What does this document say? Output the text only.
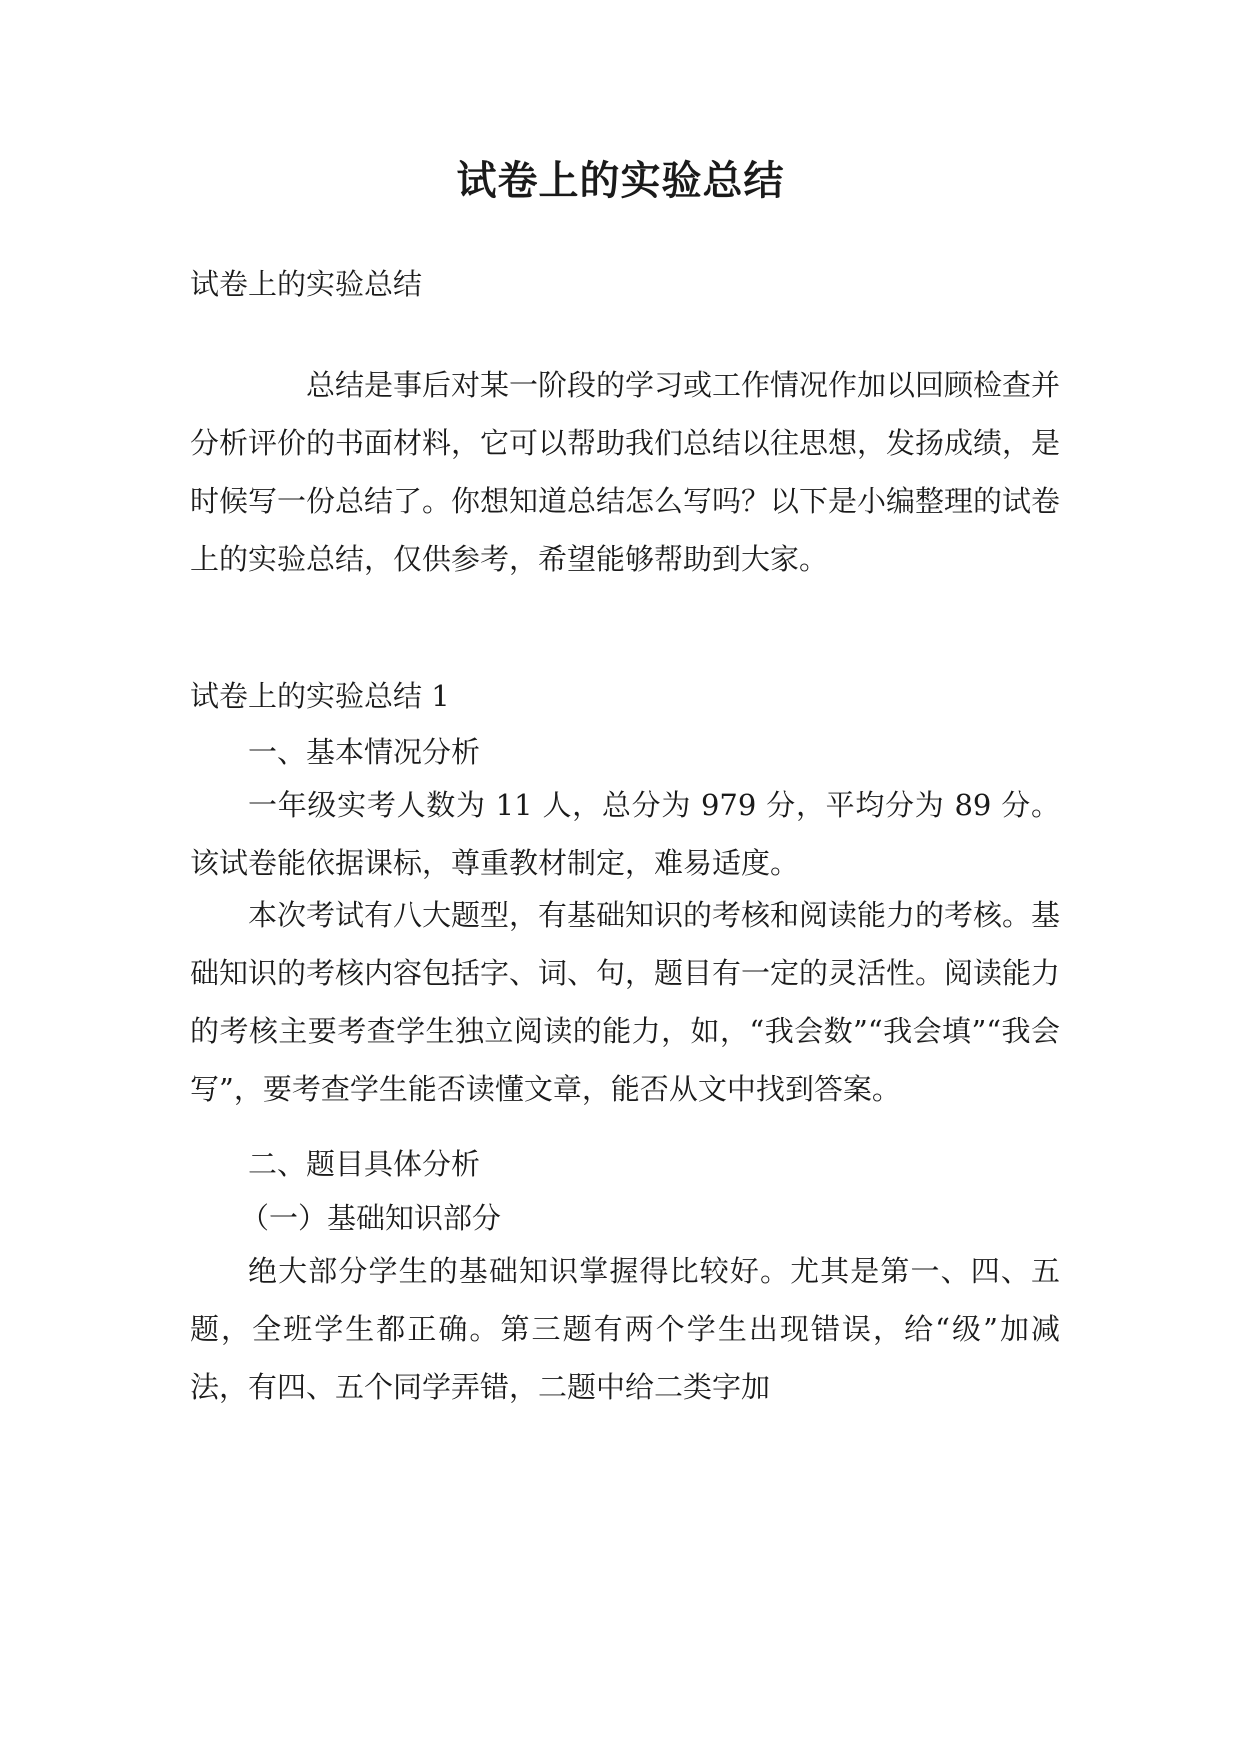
试卷上的实验总结

试卷上的实验总结

总结是事后对某一阶段的学习或工作情况作加以回顾检查并分析评价的书面材料，它可以帮助我们总结以往思想，发扬成绩，是时候写一份总结了。你想知道总结怎么写吗？以下是小编整理的试卷上的实验总结，仅供参考，希望能够帮助到大家。

试卷上的实验总结 1

一、基本情况分析

一年级实考人数为 11 人，总分为 979 分，平均分为 89 分。该试卷能依据课标，尊重教材制定，难易适度。

本次考试有八大题型，有基础知识的考核和阅读能力的考核。基础知识的考核内容包括字、词、句，题目有一定的灵活性。阅读能力的考核主要考查学生独立阅读的能力，如，“我会数”“我会填”“我会写”，要考查学生能否读懂文章，能否从文中找到答案。

二、题目具体分析

（一）基础知识部分

绝大部分学生的基础知识掌握得比较好。尤其是第一、四、五题，全班学生都正确。第三题有两个学生出现错误，给“级”加减法，有四、五个同学弄错，二题中给二类字加
